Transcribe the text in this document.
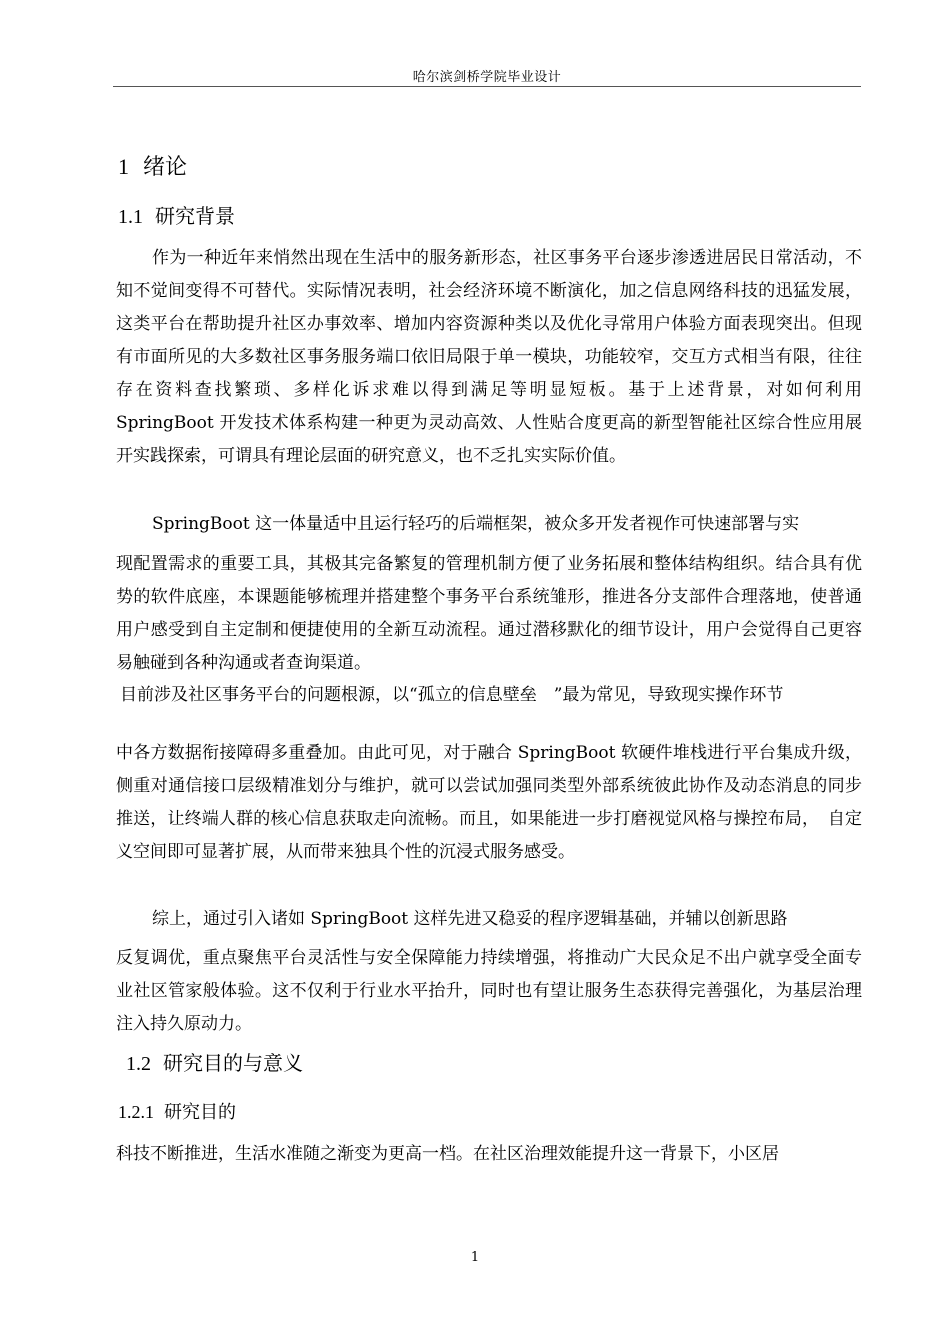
哈尔滨剑桥学院毕业设计
1 绪论
1.1 研究背景

作为一种近年来悄然出现在生活中的服务新形态，社区事务平台逐步渗透进居民日常活动，不知不觉间变得不可替代。实际情况表明，社会经济环境不断演化，加之信息网络科技的迅猛发展，这类平台在帮助提升社区办事效率、增加内容资源种类以及优化寻常用户体验方面表现突出。但现有市面所见的大多数社区事务服务端口依旧局限于单一模块，功能较窄，交互方式相当有限，往往存在资料查找繁琐、多样化诉求难以得到满足等明显短板。基于上述背景，对如何利用 SpringBoot 开发技术体系构建一种更为灵动高效、人性贴合度更高的新型智能社区综合性应用展开实践探索，可谓具有理论层面的研究意义，也不乏扎实实际价值。

SpringBoot 这一体量适中且运行轻巧的后端框架，被众多开发者视作可快速部署与实

现配置需求的重要工具，其极其完备繁复的管理机制方便了业务拓展和整体结构组织。结合具有优势的软件底座，本课题能够梳理并搭建整个事务平台系统雏形，推进各分支部件合理落地，使普通用户感受到自主定制和便捷使用的全新互动流程。通过潜移默化的细节设计，用户会觉得自己更容易触碰到各种沟通或者查询渠道。

目前涉及社区事务平台的问题根源，以“孤立的信息壁垒　”最为常见，导致现实操作环节

中各方数据衔接障碍多重叠加。由此可见，对于融合 SpringBoot 软硬件堆栈进行平台集成升级，侧重对通信接口层级精准划分与维护，就可以尝试加强同类型外部系统彼此协作及动态消息的同步推送，让终端人群的核心信息获取走向流畅。而且，如果能进一步打磨视觉风格与操控布局，　自定义空间即可显著扩展，从而带来独具个性的沉浸式服务感受。

综上，通过引入诸如 SpringBoot 这样先进又稳妥的程序逻辑基础，并辅以创新思路

反复调优，重点聚焦平台灵活性与安全保障能力持续增强，将推动广大民众足不出户就享受全面专业社区管家般体验。这不仅利于行业水平抬升，同时也有望让服务生态获得完善强化，为基层治理注入持久原动力。

1.2 研究目的与意义
1.2.1 研究目的

科技不断推进，生活水准随之渐变为更高一档。在社区治理效能提升这一背景下，小区居

1
